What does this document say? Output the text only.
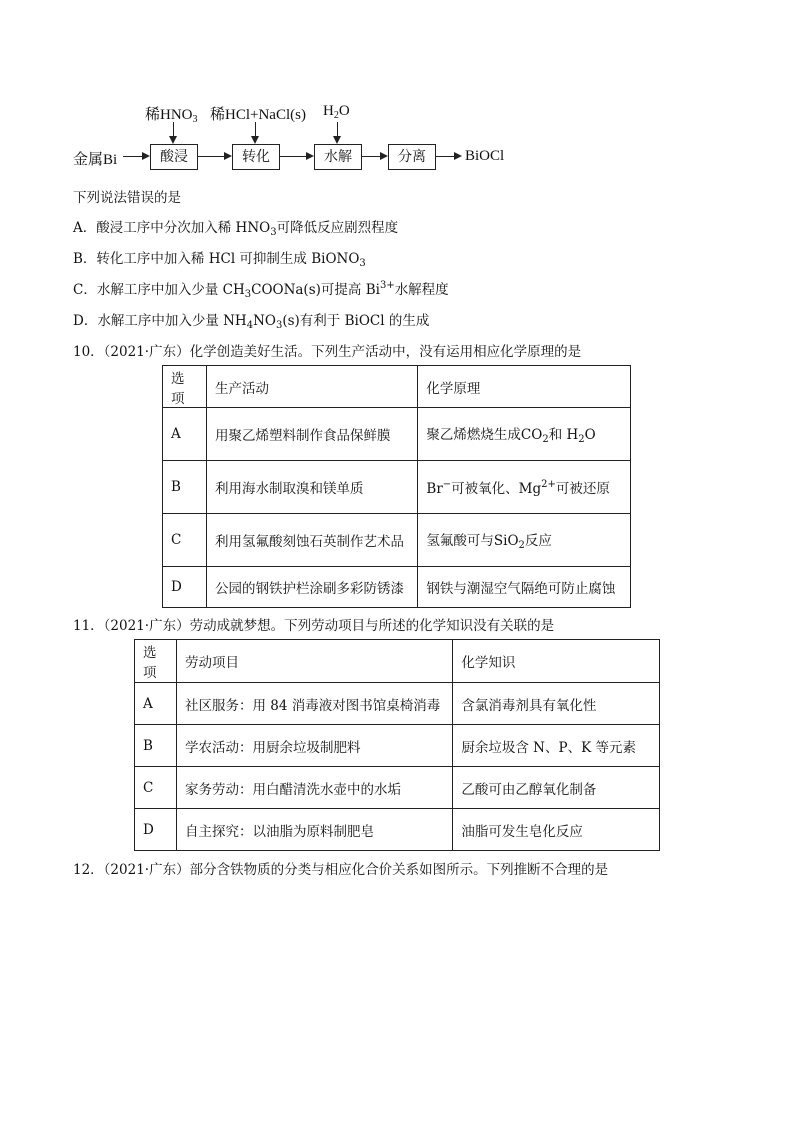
稀$HNO_3$ 稀HCl+NaCl(s) $H_2O$
金属Bi	酸浸	转化	水解	分离	BiOCl
下列说法错误的是
A．酸浸工序中分次加入稀 $HNO_3$可降低反应剧烈程度
B．转化工序中加入稀 HCl 可抑制生成 BiONO$_3$
C．水解工序中加入少量 $CH_3COONa(s)$可提高 $Bi^{3+}$水解程度
D．水解工序中加入少量 $NH_4NO_3(s)$有利于 BiOCl 的生成
10．（2021·广东）化学创造美好生活。下列生产活动中，没有运用相应化学原理的是
选项	生产活动	化学原理
A	用聚乙烯塑料制作食品保鲜膜	聚乙烯燃烧生成$CO_2$和 $H_2O$
B	利用海水制取溴和镁单质	Br−可被氧化、$Mg^{2+}$可被还原
C	利用氢氟酸刻蚀石英制作艺术品	氢氟酸可与SiO$_2$反应
D	公园的钢铁护栏涂刷多彩防锈漆	钢铁与潮湿空气隔绝可防止腐蚀
11．（2021·广东）劳动成就梦想。下列劳动项目与所述的化学知识没有关联的是
选项	劳动项目	化学知识
A	社区服务：用 84 消毒液对图书馆桌椅消毒	含氯消毒剂具有氧化性
B	学农活动：用厨余垃圾制肥料	厨余垃圾含 N、P、K 等元素
C	家务劳动：用白醋清洗水壶中的水垢	乙酸可由乙醇氧化制备
D	自主探究：以油脂为原料制肥皂	油脂可发生皂化反应
12．（2021·广东）部分含铁物质的分类与相应化合价关系如图所示。下列推断不合理的是
